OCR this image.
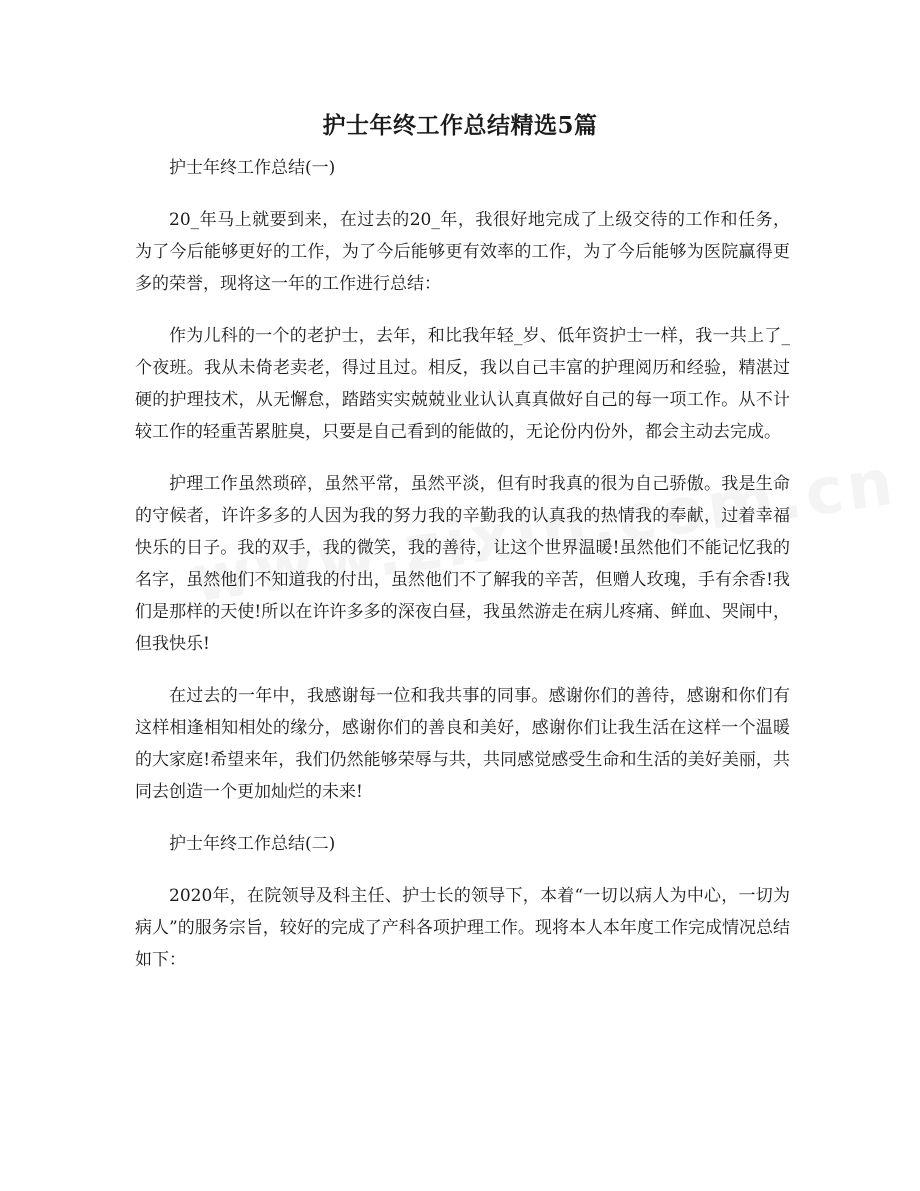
护士年终工作总结精选5篇
护士年终工作总结(一)

20_年马上就要到来，在过去的20_年，我很好地完成了上级交待的工作和任务，为了今后能够更好的工作，为了今后能够更有效率的工作，为了今后能够为医院赢得更多的荣誉，现将这一年的工作进行总结：

作为儿科的一个的老护士，去年，和比我年轻_岁、低年资护士一样，我一共上了_个夜班。我从未倚老卖老，得过且过。相反，我以自己丰富的护理阅历和经验，精湛过硬的护理技术，从无懈怠，踏踏实实兢兢业业认认真真做好自己的每一项工作。从不计较工作的轻重苦累脏臭，只要是自己看到的能做的，无论份内份外，都会主动去完成。

护理工作虽然琐碎，虽然平常，虽然平淡，但有时我真的很为自己骄傲。我是生命的守候者，许许多多的人因为我的努力我的辛勤我的认真我的热情我的奉献，过着幸福快乐的日子。我的双手，我的微笑，我的善待，让这个世界温暖!虽然他们不能记忆我的名字，虽然他们不知道我的付出，虽然他们不了解我的辛苦，但赠人玫瑰，手有余香!我们是那样的天使!所以在许许多多的深夜白昼，我虽然游走在病儿疼痛、鲜血、哭闹中，但我快乐!

在过去的一年中，我感谢每一位和我共事的同事。感谢你们的善待，感谢和你们有这样相逢相知相处的缘分，感谢你们的善良和美好，感谢你们让我生活在这样一个温暖的大家庭!希望来年，我们仍然能够荣辱与共，共同感觉感受生命和生活的美好美丽，共同去创造一个更加灿烂的未来!

护士年终工作总结(二)

2020年，在院领导及科主任、护士长的领导下，本着“一切以病人为中心，一切为病人”的服务宗旨，较好的完成了产科各项护理工作。现将本人本年度工作完成情况总结如下：
